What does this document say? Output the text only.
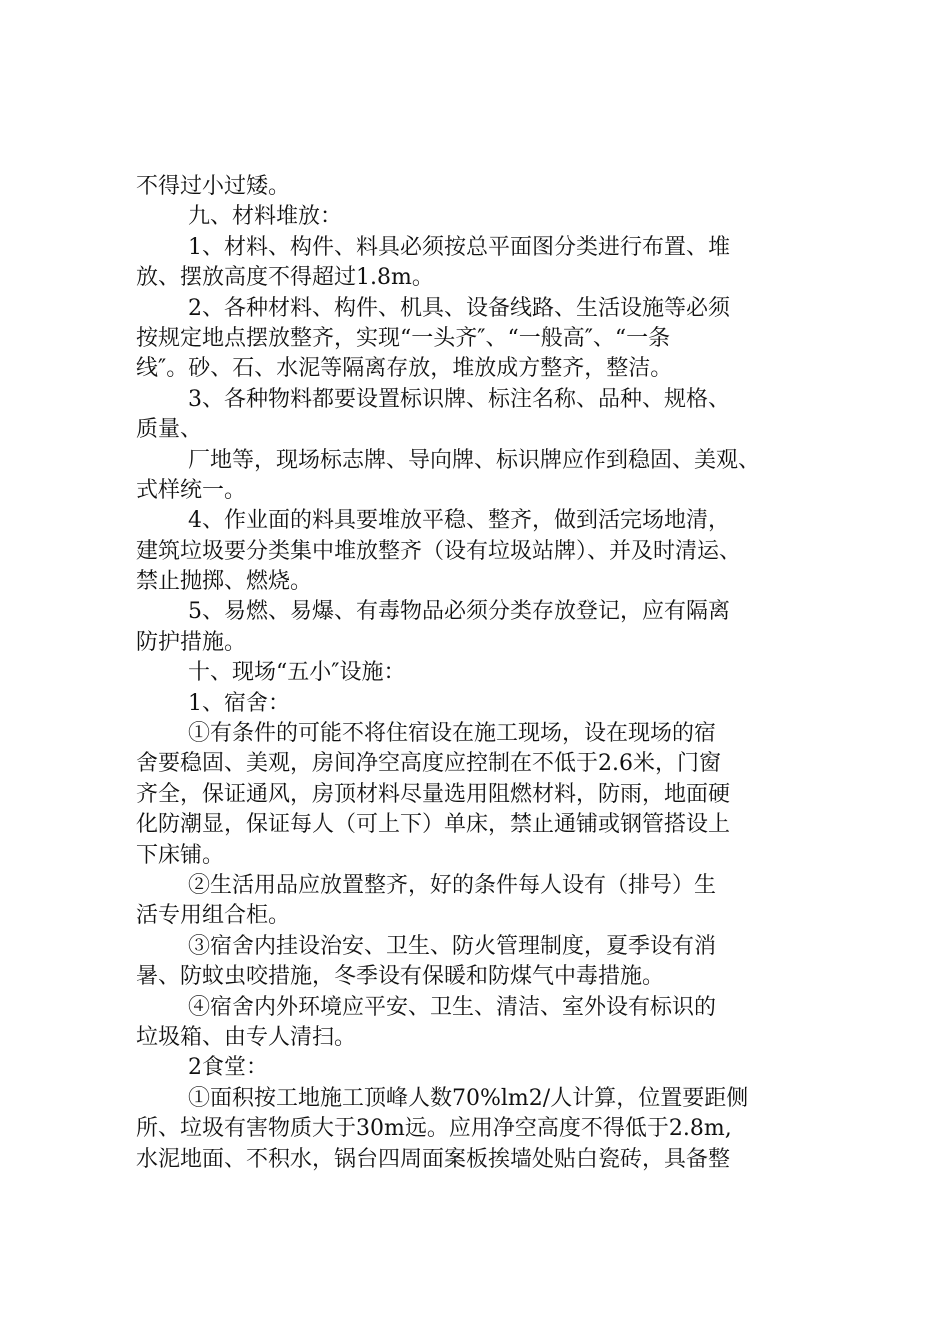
不得过小过矮。
九、材料堆放：
1、材料、构件、料具必须按总平面图分类进行布置、堆
放、摆放高度不得超过1.8m。
2、各种材料、构件、机具、设备线路、生活设施等必须
按规定地点摆放整齐，实现“一头齐″、“一般高″、“一条
线″。砂、石、水泥等隔离存放，堆放成方整齐，整洁。
3、各种物料都要设置标识牌、标注名称、品种、规格、
质量、
厂地等，现场标志牌、导向牌、标识牌应作到稳固、美观、
式样统一。
4、作业面的料具要堆放平稳、整齐，做到活完场地清，
建筑垃圾要分类集中堆放整齐（设有垃圾站牌）、并及时清运、
禁止抛掷、燃烧。
5、易燃、易爆、有毒物品必须分类存放登记，应有隔离
防护措施。
十、现场“五小″设施：
1、宿舍：
①有条件的可能不将住宿设在施工现场，设在现场的宿
舍要稳固、美观，房间净空高度应控制在不低于2.6米，门窗
齐全，保证通风，房顶材料尽量选用阻燃材料，防雨，地面硬
化防潮显，保证每人（可上下）单床，禁止通铺或钢管搭设上
下床铺。
②生活用品应放置整齐，好的条件每人设有（排号）生
活专用组合柜。
③宿舍内挂设治安、卫生、防火管理制度，夏季设有消
暑、防蚊虫咬措施，冬季设有保暖和防煤气中毒措施。
④宿舍内外环境应平安、卫生、清洁、室外设有标识的
垃圾箱、由专人清扫。
2食堂：
①面积按工地施工顶峰人数70%lm2/人计算，位置要距侧
所、垃圾有害物质大于30m远。应用净空高度不得低于2.8m,
水泥地面、不积水，锅台四周面案板挨墙处贴白瓷砖，具备整
